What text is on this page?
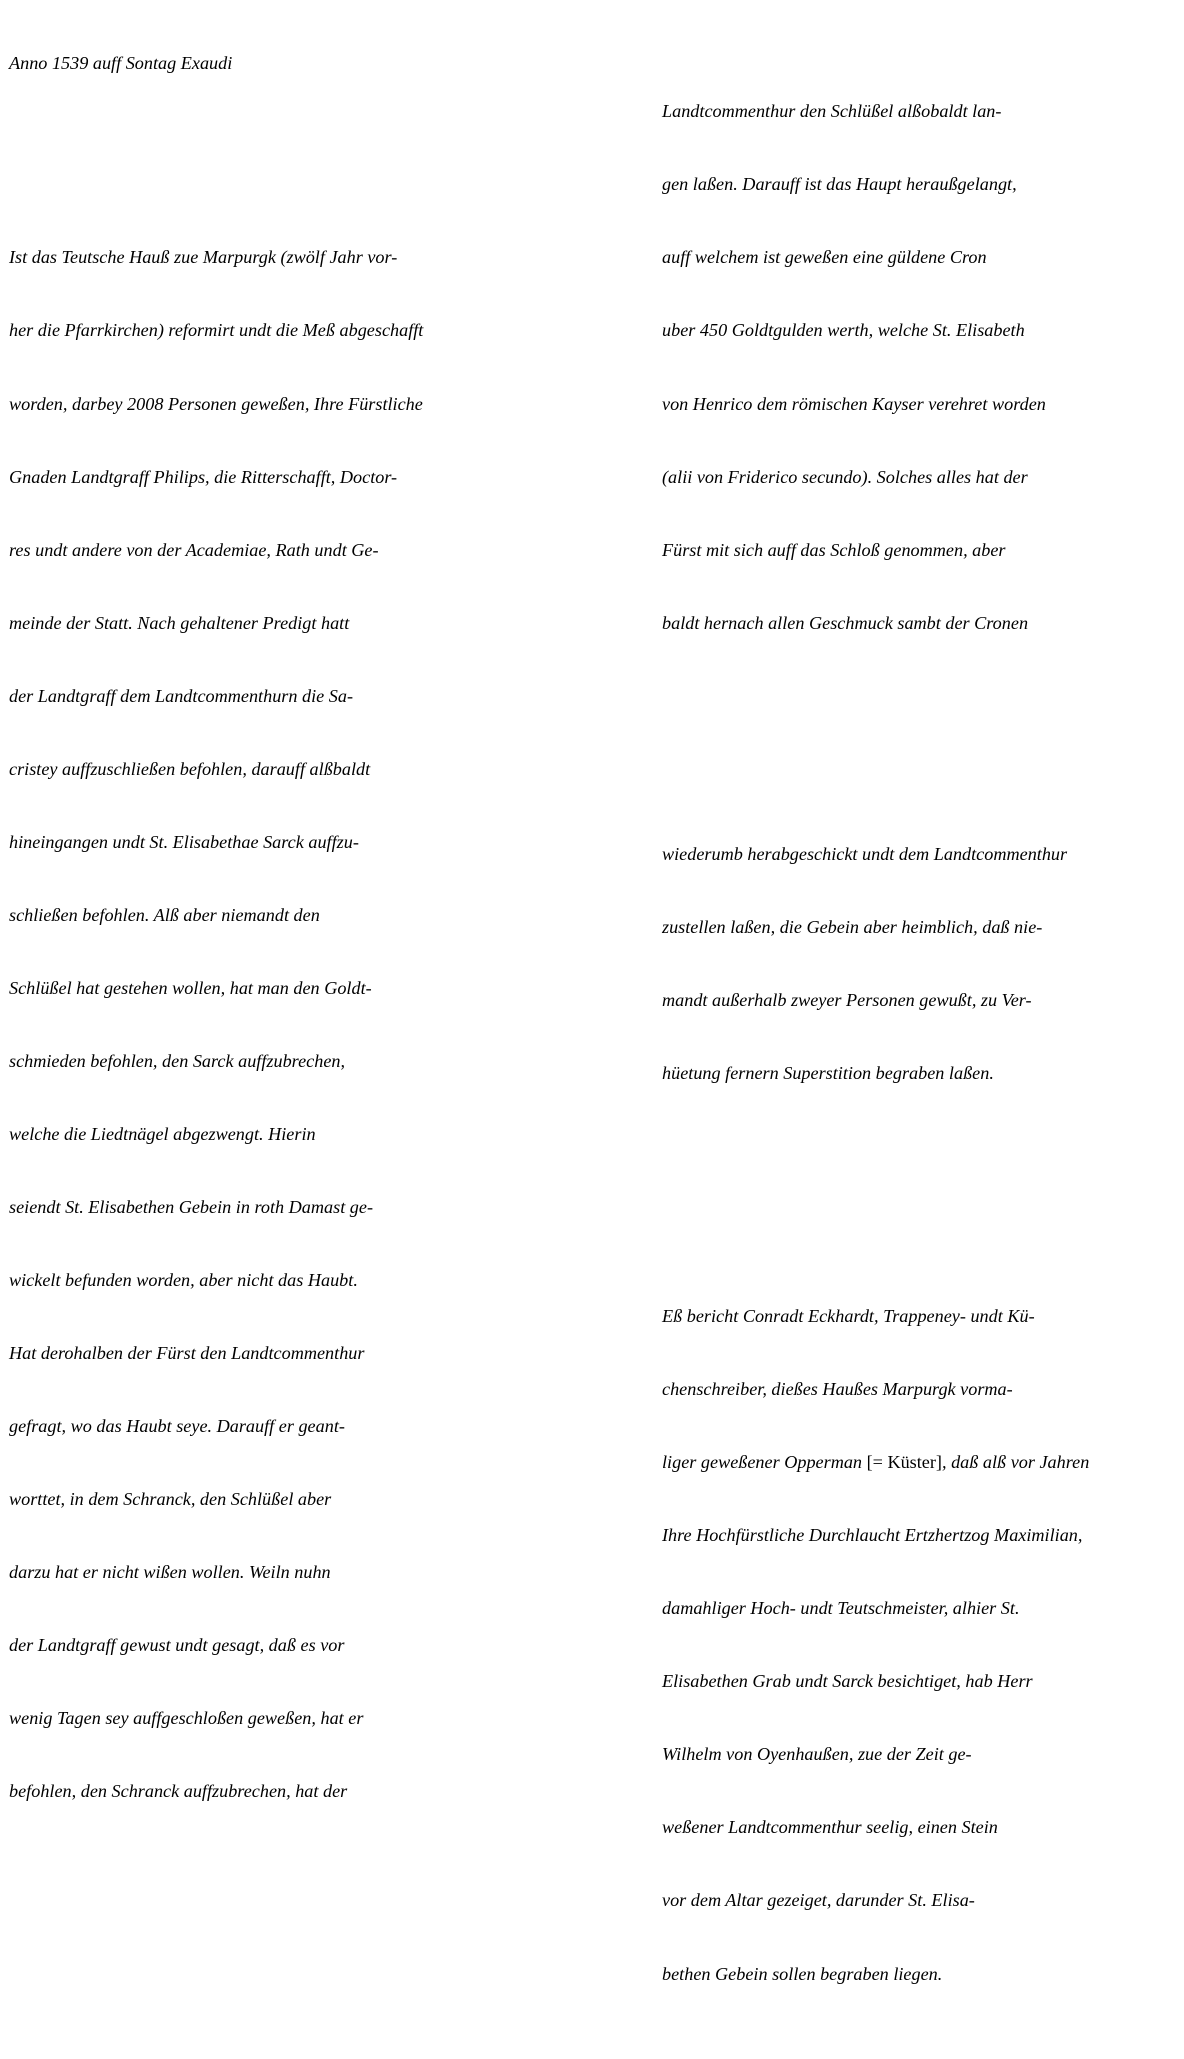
Anno 1539 auff Sontag Exaudi

Ist das Teutsche Hauß zue Marpurgk (zwölf Jahr vor-

her die Pfarrkirchen) reformirt undt die Meß abgeschafft

worden, darbey 2008 Personen geweßen, Ihre Fürstliche

Gnaden Landtgraff Philips, die Ritterschafft, Doctor-

res undt andere von der Academiae, Rath undt Ge-

meinde der Statt. Nach gehaltener Predigt hatt

der Landtgraff dem Landtcommenthurn die Sa-

cristey auffzuschließen befohlen, darauff alßbaldt

hineingangen undt St. Elisabethae Sarck auffzu-

schließen befohlen. Alß aber niemandt den

Schlüßel hat gestehen wollen, hat man den Goldt-

schmieden befohlen, den Sarck auffzubrechen,

welche die Liedtnägel abgezwengt. Hierin

seiendt St. Elisabethen Gebein in roth Damast ge-

wickelt befunden worden, aber nicht das Haubt.

Hat derohalben der Fürst den Landtcommenthur

gefragt, wo das Haubt seye. Darauff er geant-

worttet, in dem Schranck, den Schlüßel aber

darzu hat er nicht wißen wollen. Weiln nuhn

der Landtgraff gewust undt gesagt, daß es vor

wenig Tagen sey auffgeschloßen geweßen, hat er

befohlen, den Schranck auffzubrechen, hat der

Landtcommenthur den Schlüßel alßobaldt lan-

gen laßen. Darauff ist das Haupt heraußgelangt,

auff welchem ist geweßen eine güldene Cron

uber 450 Goldtgulden werth, welche St. Elisabeth

von Henrico dem römischen Kayser verehret worden

(alii von Friderico secundo). Solches alles hat der

Fürst mit sich auff das Schloß genommen, aber

baldt hernach allen Geschmuck sambt der Cronen

wiederumb herabgeschickt undt dem Landtcommenthur

zustellen laßen, die Gebein aber heimblich, daß nie-

mandt außerhalb zweyer Personen gewußt, zu Ver-

hüetung fernern Superstition begraben laßen.

Eß bericht Conradt Eckhardt, Trappeney- undt Kü-

chenschreiber, dießes Haußes Marpurgk vorma-

liger geweßener Opperman [= Küster], daß alß vor Jahren

Ihre Hochfürstliche Durchlaucht Ertzhertzog Maximilian,

damahliger Hoch- undt Teutschmeister, alhier St.

Elisabethen Grab undt Sarck besichtiget, hab Herr

Wilhelm von Oyenhaußen, zue der Zeit ge-

weßener Landtcommenthur seelig, einen Stein

vor dem Altar gezeiget, darunder St. Elisa-

bethen Gebein sollen begraben liegen.
